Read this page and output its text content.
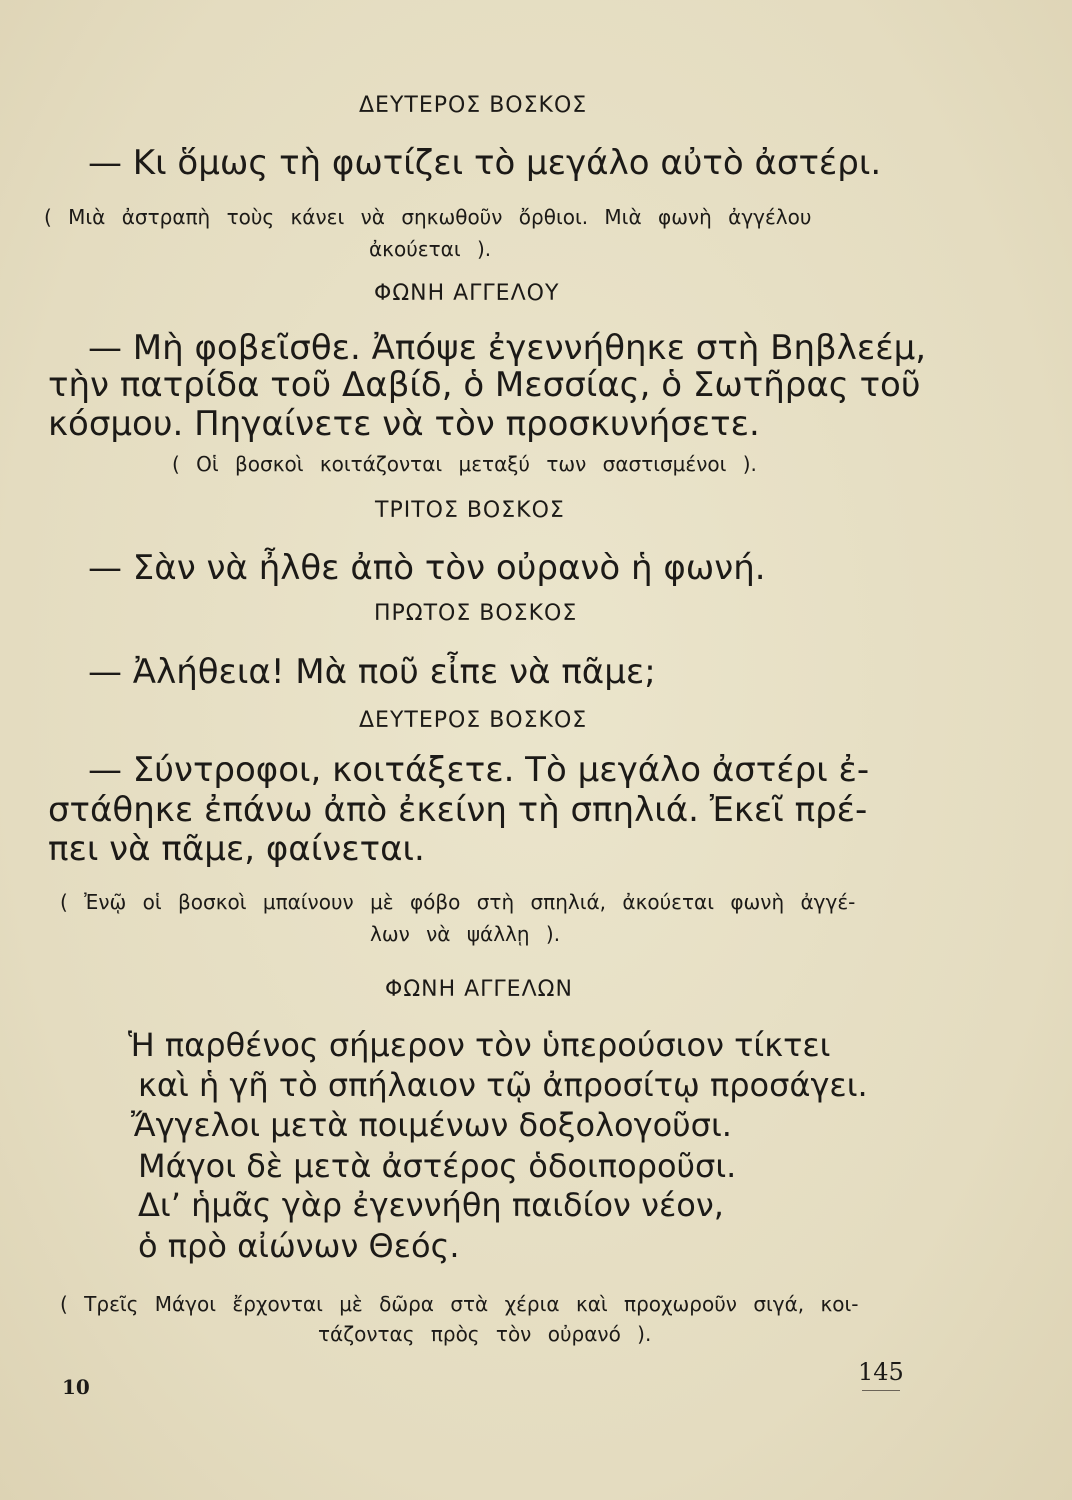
ΔΕΥΤΕΡΟΣ ΒΟΣΚΟΣ
— Κι ὅμως τὴ φωτίζει τὸ μεγάλο αὐτὸ ἀστέρι.
( Μιὰ ἀστραπὴ τοὺς κάνει νὰ σηκωθοῦν ὄρθιοι. Μιὰ φωνὴ ἀγγέλου
ἀκούεται ).
ΦΩΝΗ ΑΓΓΕΛΟΥ
— Μὴ φοβεῖσθε. Ἀπόψε ἐγεννήθηκε στὴ Βηβλεέμ,
τὴν πατρίδα τοῦ Δαβίδ, ὁ Μεσσίας, ὁ Σωτῆρας τοῦ
κόσμου. Πηγαίνετε νὰ τὸν προσκυνήσετε.
( Οἱ βοσκοὶ κοιτάζονται μεταξύ των σαστισμένοι ).
ΤΡΙΤΟΣ ΒΟΣΚΟΣ
— Σὰν νὰ ἦλθε ἀπὸ τὸν οὐρανὸ ἡ φωνή.
ΠΡΩΤΟΣ ΒΟΣΚΟΣ
— Ἀλήθεια! Μὰ ποῦ εἶπε νὰ πᾶμε;
ΔΕΥΤΕΡΟΣ ΒΟΣΚΟΣ
— Σύντροφοι, κοιτάξετε. Τὸ μεγάλο ἀστέρι ἐ-
στάθηκε ἐπάνω ἀπὸ ἐκείνη τὴ σπηλιά. Ἐκεῖ πρέ-
πει νὰ πᾶμε, φαίνεται.
( Ἐνῷ οἱ βοσκοὶ μπαίνουν μὲ φόβο στὴ σπηλιά, ἀκούεται φωνὴ ἀγγέ-
λων νὰ ψάλλῃ ).
ΦΩΝΗ ΑΓΓΕΛΩΝ
Ἡ παρθένος σήμερον τὸν ὑπερούσιον τίκτει
καὶ ἡ γῆ τὸ σπήλαιον τῷ ἀπροσίτῳ προσάγει.
Ἄγγελοι μετὰ ποιμένων δοξολογοῦσι.
Μάγοι δὲ μετὰ ἀστέρος ὁδοιποροῦσι.
Δι’ ἡμᾶς γὰρ ἐγεννήθη παιδίον νέον,
ὁ πρὸ αἰώνων Θεός.
( Τρεῖς Μάγοι ἔρχονται μὲ δῶρα στὰ χέρια καὶ προχωροῦν σιγά, κοι-
τάζοντας πρὸς τὸν οὐρανό ).
10
145
